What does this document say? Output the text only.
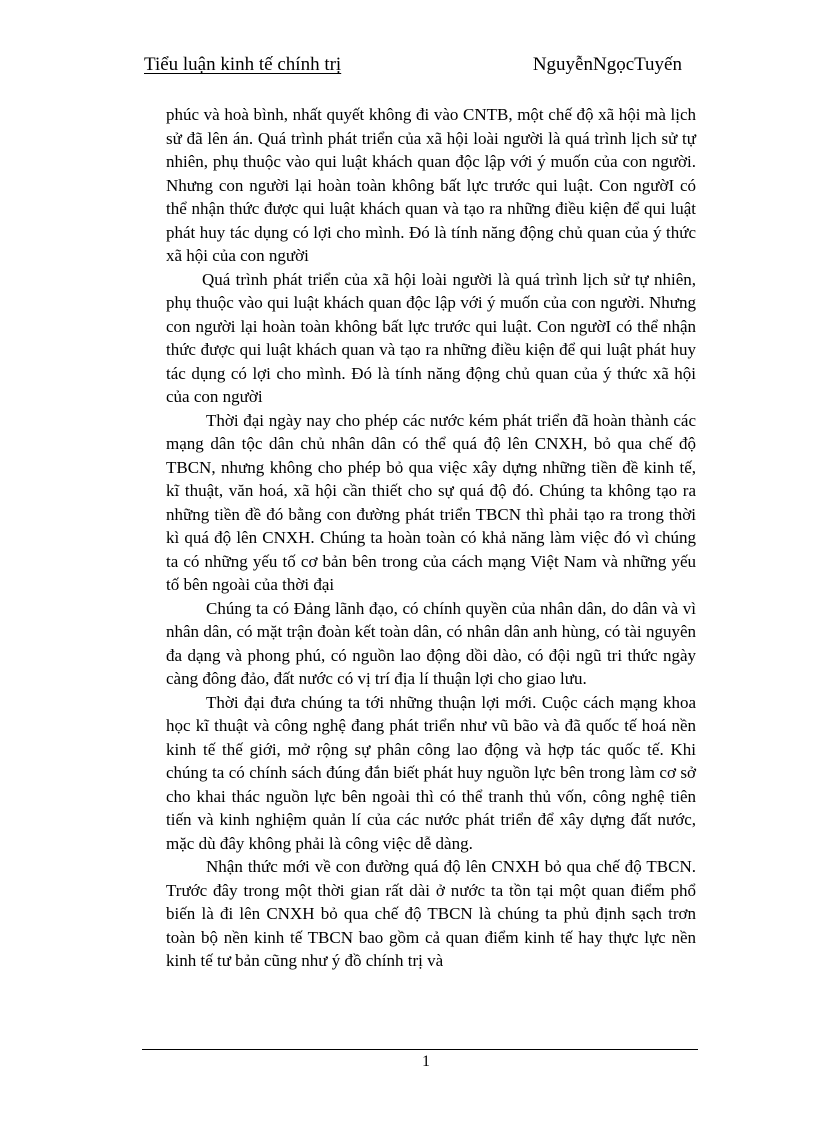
Tiểu luận kinh tế chính trị	NguyễnNgọcTuyến

phúc và hoà bình, nhất quyết không đi vào CNTB, một chế độ xã hội mà lịch sử đã lên án. Quá trình phát triển của xã hội loài người là quá trình lịch sử tự nhiên, phụ thuộc vào qui luật khách quan độc lập với ý muốn của con người. Nhưng con người lại hoàn toàn không bất lực trước qui luật. Con ngườI có thể nhận thức được qui luật khách quan và tạo ra những điều kiện để qui luật phát huy tác dụng có lợi cho mình. Đó là tính năng động chủ quan của ý thức xã hội của con người

Quá trình phát triển của xã hội loài người là quá trình lịch sử tự nhiên, phụ thuộc vào qui luật khách quan độc lập với ý muốn của con người. Nhưng con người lại hoàn toàn không bất lực trước qui luật. Con ngườI có thể nhận thức được qui luật khách quan và tạo ra những điều kiện để qui luật phát huy tác dụng có lợi cho mình. Đó là tính năng động chủ quan của ý thức xã hội của con người

Thời đại ngày nay cho phép các nước kém phát triển đã hoàn thành các mạng dân tộc dân chủ nhân dân có thể quá độ lên CNXH, bỏ qua chế độ TBCN, nhưng không cho phép bỏ qua việc xây dựng những tiền đề kinh tế, kĩ thuật, văn hoá, xã hội cần thiết cho sự quá độ đó. Chúng ta không tạo ra những tiền đề đó bằng con đường phát triển TBCN thì phải tạo ra trong thời kì quá độ lên CNXH. Chúng ta hoàn toàn có khả năng làm việc đó vì chúng ta có những yếu tố cơ bản bên trong của cách mạng Việt Nam và những yếu tố bên ngoài của thời đại

Chúng ta có Đảng lãnh đạo, có chính quyền của nhân dân, do dân và vì nhân dân, có mặt trận đoàn kết toàn dân, có nhân dân anh hùng, có tài nguyên đa dạng và phong phú, có nguồn lao động dồi dào, có đội ngũ tri thức ngày càng đông đảo, đất nước có vị trí địa lí thuận lợi cho giao lưu.

Thời đại đưa chúng ta tới những thuận lợi mới. Cuộc cách mạng khoa học kĩ thuật và công nghệ đang phát triển như vũ bão và đã quốc tế hoá nền kinh tế thế giới, mở rộng sự phân công lao động và hợp tác quốc tế. Khi chúng ta có chính sách đúng đắn biết phát huy nguồn lực bên trong làm cơ sở cho khai thác nguồn lực bên ngoài thì có thể tranh thủ vốn, công nghệ tiên tiến và kinh nghiệm quản lí của các nước phát triển để xây dựng đất nước, mặc dù đây không phải là công việc dễ dàng.

Nhận thức mới về con đường quá độ lên CNXH bỏ qua chế độ TBCN. Trước đây trong một thời gian rất dài ở nước ta tồn tại một quan điểm phổ biến là đi lên CNXH bỏ qua chế độ TBCN là chúng ta phủ định sạch trơn toàn bộ nền kinh tế TBCN bao gồm cả quan điểm kinh tế hay thực lực nền kinh tế tư bản cũng như ý đồ chính trị và

1
